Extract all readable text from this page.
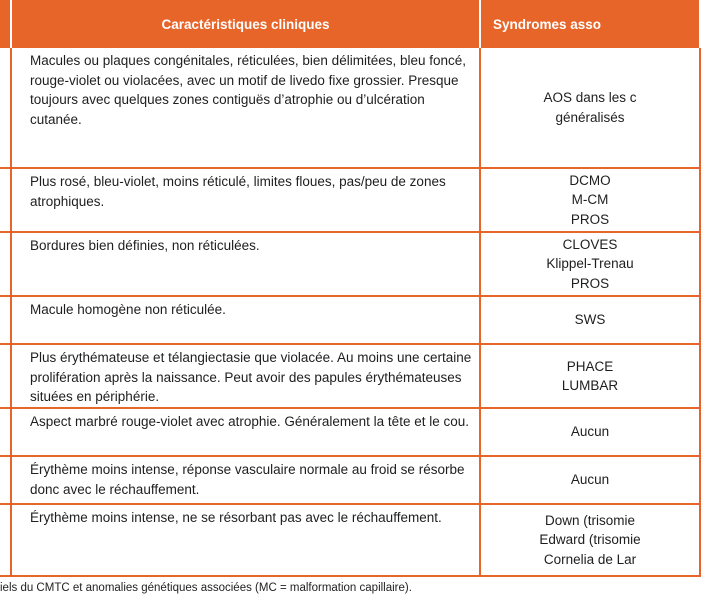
	Caractéristiques cliniques	Syndromes asso
	Macules ou plaques congénitales, réticulées, bien délimitées, bleu foncé, rouge-violet ou violacées, avec un motif de livedo fixe grossier. Presque toujours avec quelques zones contiguës d’atrophie ou d’ulcération cutanée.	AOS dans les c
généralisés

	Plus rosé, bleu-violet, moins réticulé, limites floues, pas/peu de zones atrophiques.	DCMO
M-CM
PROS

	Bordures bien définies, non réticulées.	CLOVES
Klippel-Trenau
PROS

	Macule homogène non réticulée.	SWS

	Plus érythémateuse et télangiectasie que violacée. Au moins une certaine prolifération après la naissance. Peut avoir des papules érythémateuses situées en périphérie.	PHACE
LUMBAR

	Aspect marbré rouge-violet avec atrophie. Généralement la tête et le cou.	Aucun

	Érythème moins intense, réponse vasculaire normale au froid se résorbe donc avec le réchauffement.	Aucun

	Érythème moins intense, ne se résorbant pas avec le réchauffement.	Down (trisomie
Edward (trisomie
Cornelia de Lar
iels du CMTC et anomalies génétiques associées (MC = malformation capillaire).
